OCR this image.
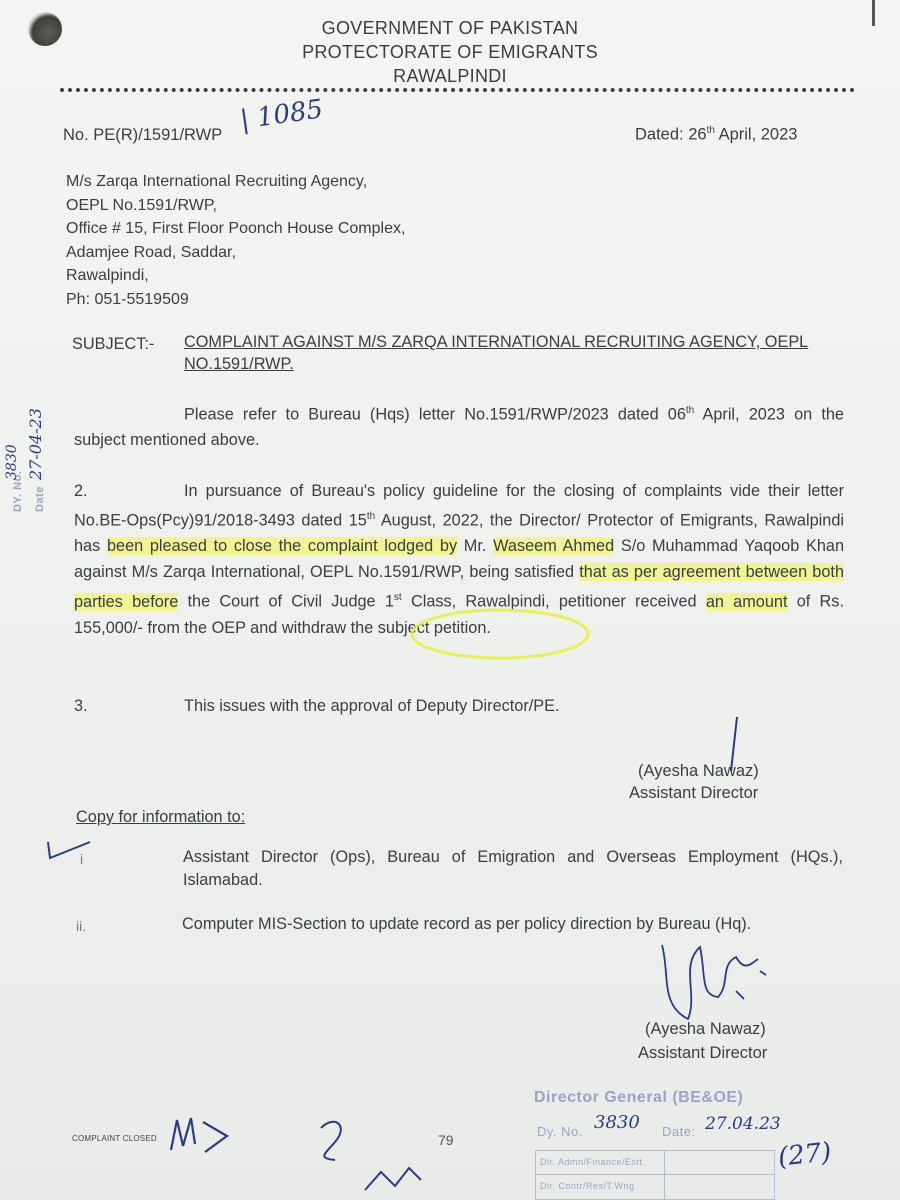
GOVERNMENT OF PAKISTAN
PROTECTORATE OF EMIGRANTS
RAWALPINDI
No. PE(R)/1591/RWP | 1085	Dated: 26th April, 2023
M/s Zarqa International Recruiting Agency,
OEPL No.1591/RWP,
Office # 15, First Floor Poonch House Complex,
Adamjee Road, Saddar,
Rawalpindi,
Ph: 051-5519509
SUBJECT:- COMPLAINT AGAINST M/S ZARQA INTERNATIONAL RECRUITING AGENCY, OEPL NO.1591/RWP.
Please refer to Bureau (Hqs) letter No.1591/RWP/2023 dated 06th April, 2023 on the subject mentioned above.
2.	In pursuance of Bureau's policy guideline for the closing of complaints vide their letter No.BE-Ops(Pcy)91/2018-3493 dated 15th August, 2022, the Director/ Protector of Emigrants, Rawalpindi has been pleased to close the complaint lodged by Mr. Waseem Ahmed S/o Muhammad Yaqoob Khan against M/s Zarqa International, OEPL No.1591/RWP, being satisfied that as per agreement between both parties before the Court of Civil Judge 1st Class, Rawalpindi, petitioner received an amount of Rs. 155,000/- from the OEP and withdraw the subject petition.
3.	This issues with the approval of Deputy Director/PE.
(Ayesha Nawaz)
Assistant Director
Copy for information to:
i	Assistant Director (Ops), Bureau of Emigration and Overseas Employment (HQs.), Islamabad.
ii.	Computer MIS-Section to update record as per policy direction by Bureau (Hq).
(Ayesha Nawaz)
Assistant Director
DY. No.
3830
Date
27-04-23
COMPLAINT CLOSED	79
Director General (BE&OE)
Dy. No. 3830 Date: 27.04.23
Dir. Admn/Finance/Estt.
Dir. Contr/Res/T.Wng
(27)
